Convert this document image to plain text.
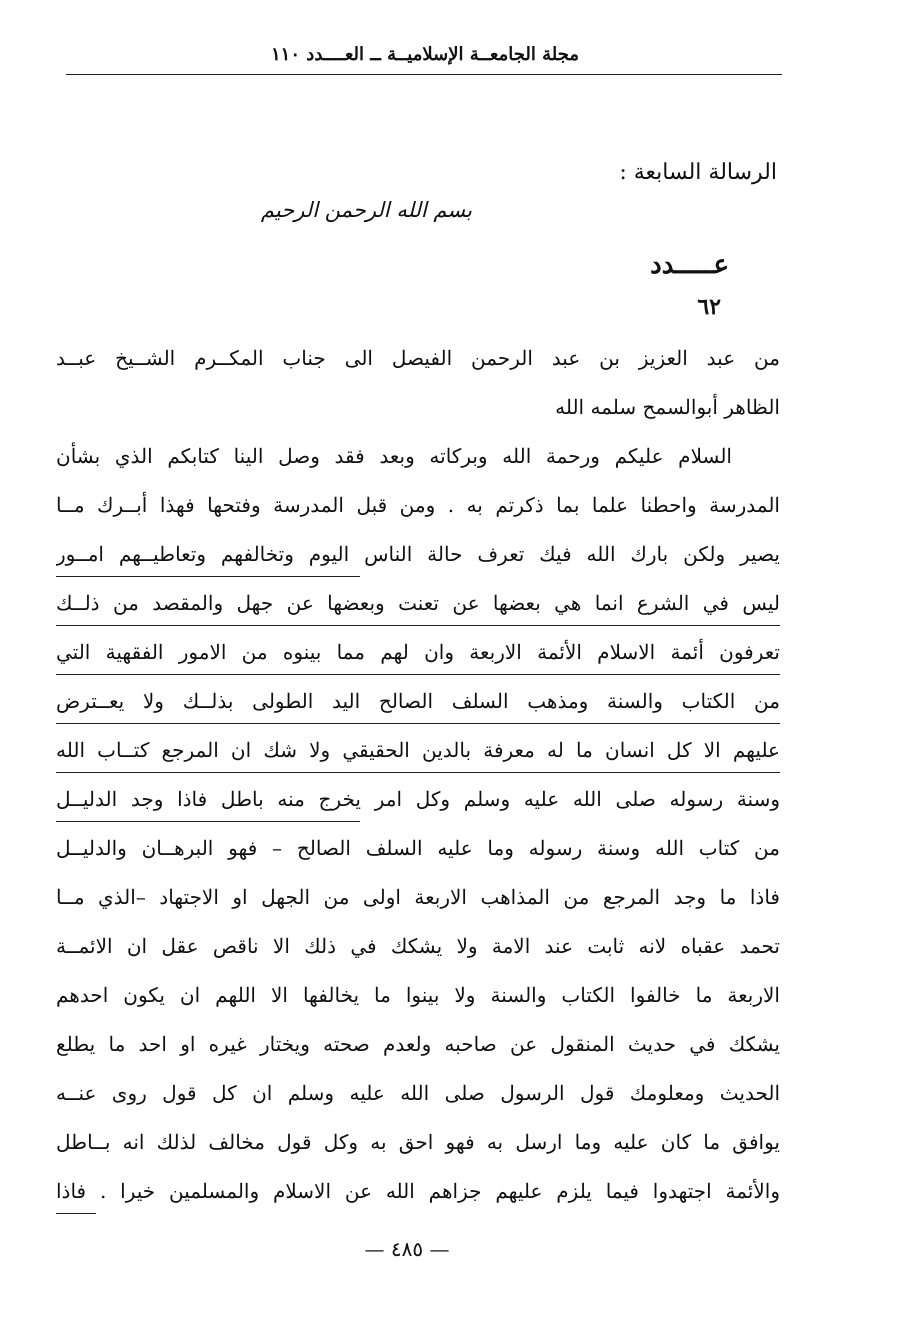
مجلة الجامعــة الإسلاميــة ــ العــــدد ١١٠
الرسالة السابعة :
بسم الله الرحمن الرحيم
عـــــدد
٦٢
من عبد العزيز بن عبد الرحمن الفيصل الى جناب المكــرم الشــيخ عبــد
الظاهر أبوالسمح سلمه الله
السلام عليكم ورحمة الله وبركاته وبعد فقد وصل الينا كتابكم الذي بشأن
المدرسة واحطنا علما بما ذكرتم به . ومن قبل المدرسة وفتحها فهذا أبــرك مــا
يصير ولكن بارك الله فيك تعرف حالة الناس اليوم وتخالفهم وتعاطيــهم امــور
ليس في الشرع انما هي بعضها عن تعنت وبعضها عن جهل والمقصد من ذلــك
تعرفون أئمة الاسلام الأئمة الاربعة وان لهم مما بينوه من الامور الفقهية التي
من الكتاب والسنة ومذهب السلف الصالح اليد الطولى بذلــك ولا يعــترض
عليهم الا كل انسان ما له معرفة بالدين الحقيقي ولا شك ان المرجع كتــاب الله
وسنة رسوله صلى الله عليه وسلم وكل امر يخرج منه باطل فاذا وجد الدليــل
من كتاب الله وسنة رسوله وما عليه السلف الصالح – فهو البرهــان والدليــل
فاذا ما وجد المرجع من المذاهب الاربعة اولى من الجهل او الاجتهاد –الذي مــا
تحمد عقباه لانه ثابت عند الامة ولا يشكك في ذلك الا ناقص عقل ان الائمــة
الاربعة ما خالفوا الكتاب والسنة ولا بينوا ما يخالفها الا اللهم ان يكون احدهم
يشكك في حديث المنقول عن صاحبه ولعدم صحته ويختار غيره او احد ما يطلع
الحديث ومعلومك قول الرسول صلى الله عليه وسلم ان كل قول روى عنــه
يوافق ما كان عليه وما ارسل به فهو احق به وكل قول مخالف لذلك انه بــاطل
والأئمة اجتهدوا فيما يلزم عليهم جزاهم الله عن الاسلام والمسلمين خيرا . فاذا
— ٤٨٥ —
